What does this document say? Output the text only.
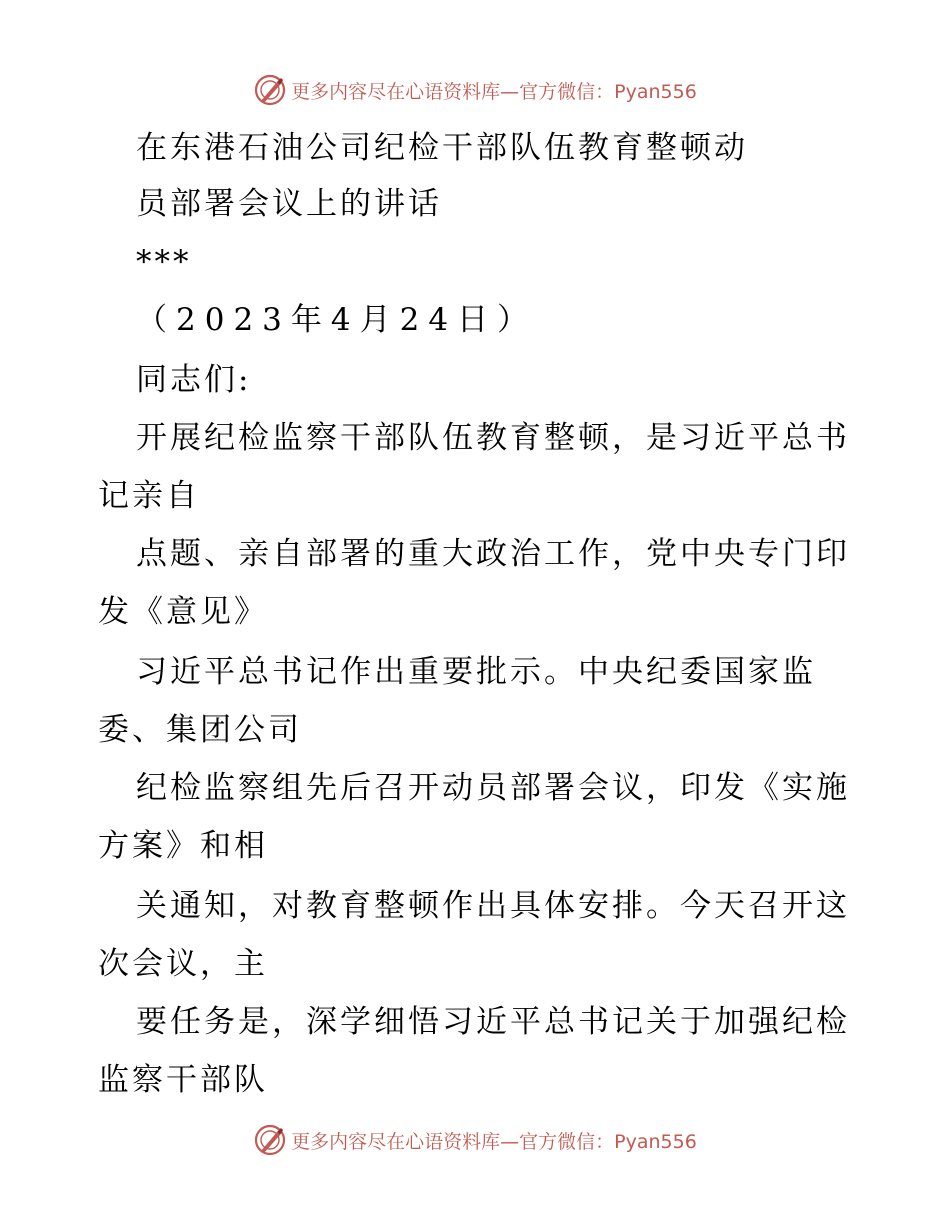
更多内容尽在心语资料库—官方微信：Pyan556
在东港石油公司纪检干部队伍教育整顿动
员部署会议上的讲话
***
（2023年4月24日）
同志们:
开展纪检监察干部队伍教育整顿，是习近平总书
记亲自
点题、亲自部署的重大政治工作，党中央专门印
发《意见》
习近平总书记作出重要批示。中央纪委国家监
委、集团公司
纪检监察组先后召开动员部署会议，印发《实施
方案》和相
关通知，对教育整顿作出具体安排。今天召开这
次会议，主
要任务是，深学细悟习近平总书记关于加强纪检
监察干部队
更多内容尽在心语资料库—官方微信：Pyan556
